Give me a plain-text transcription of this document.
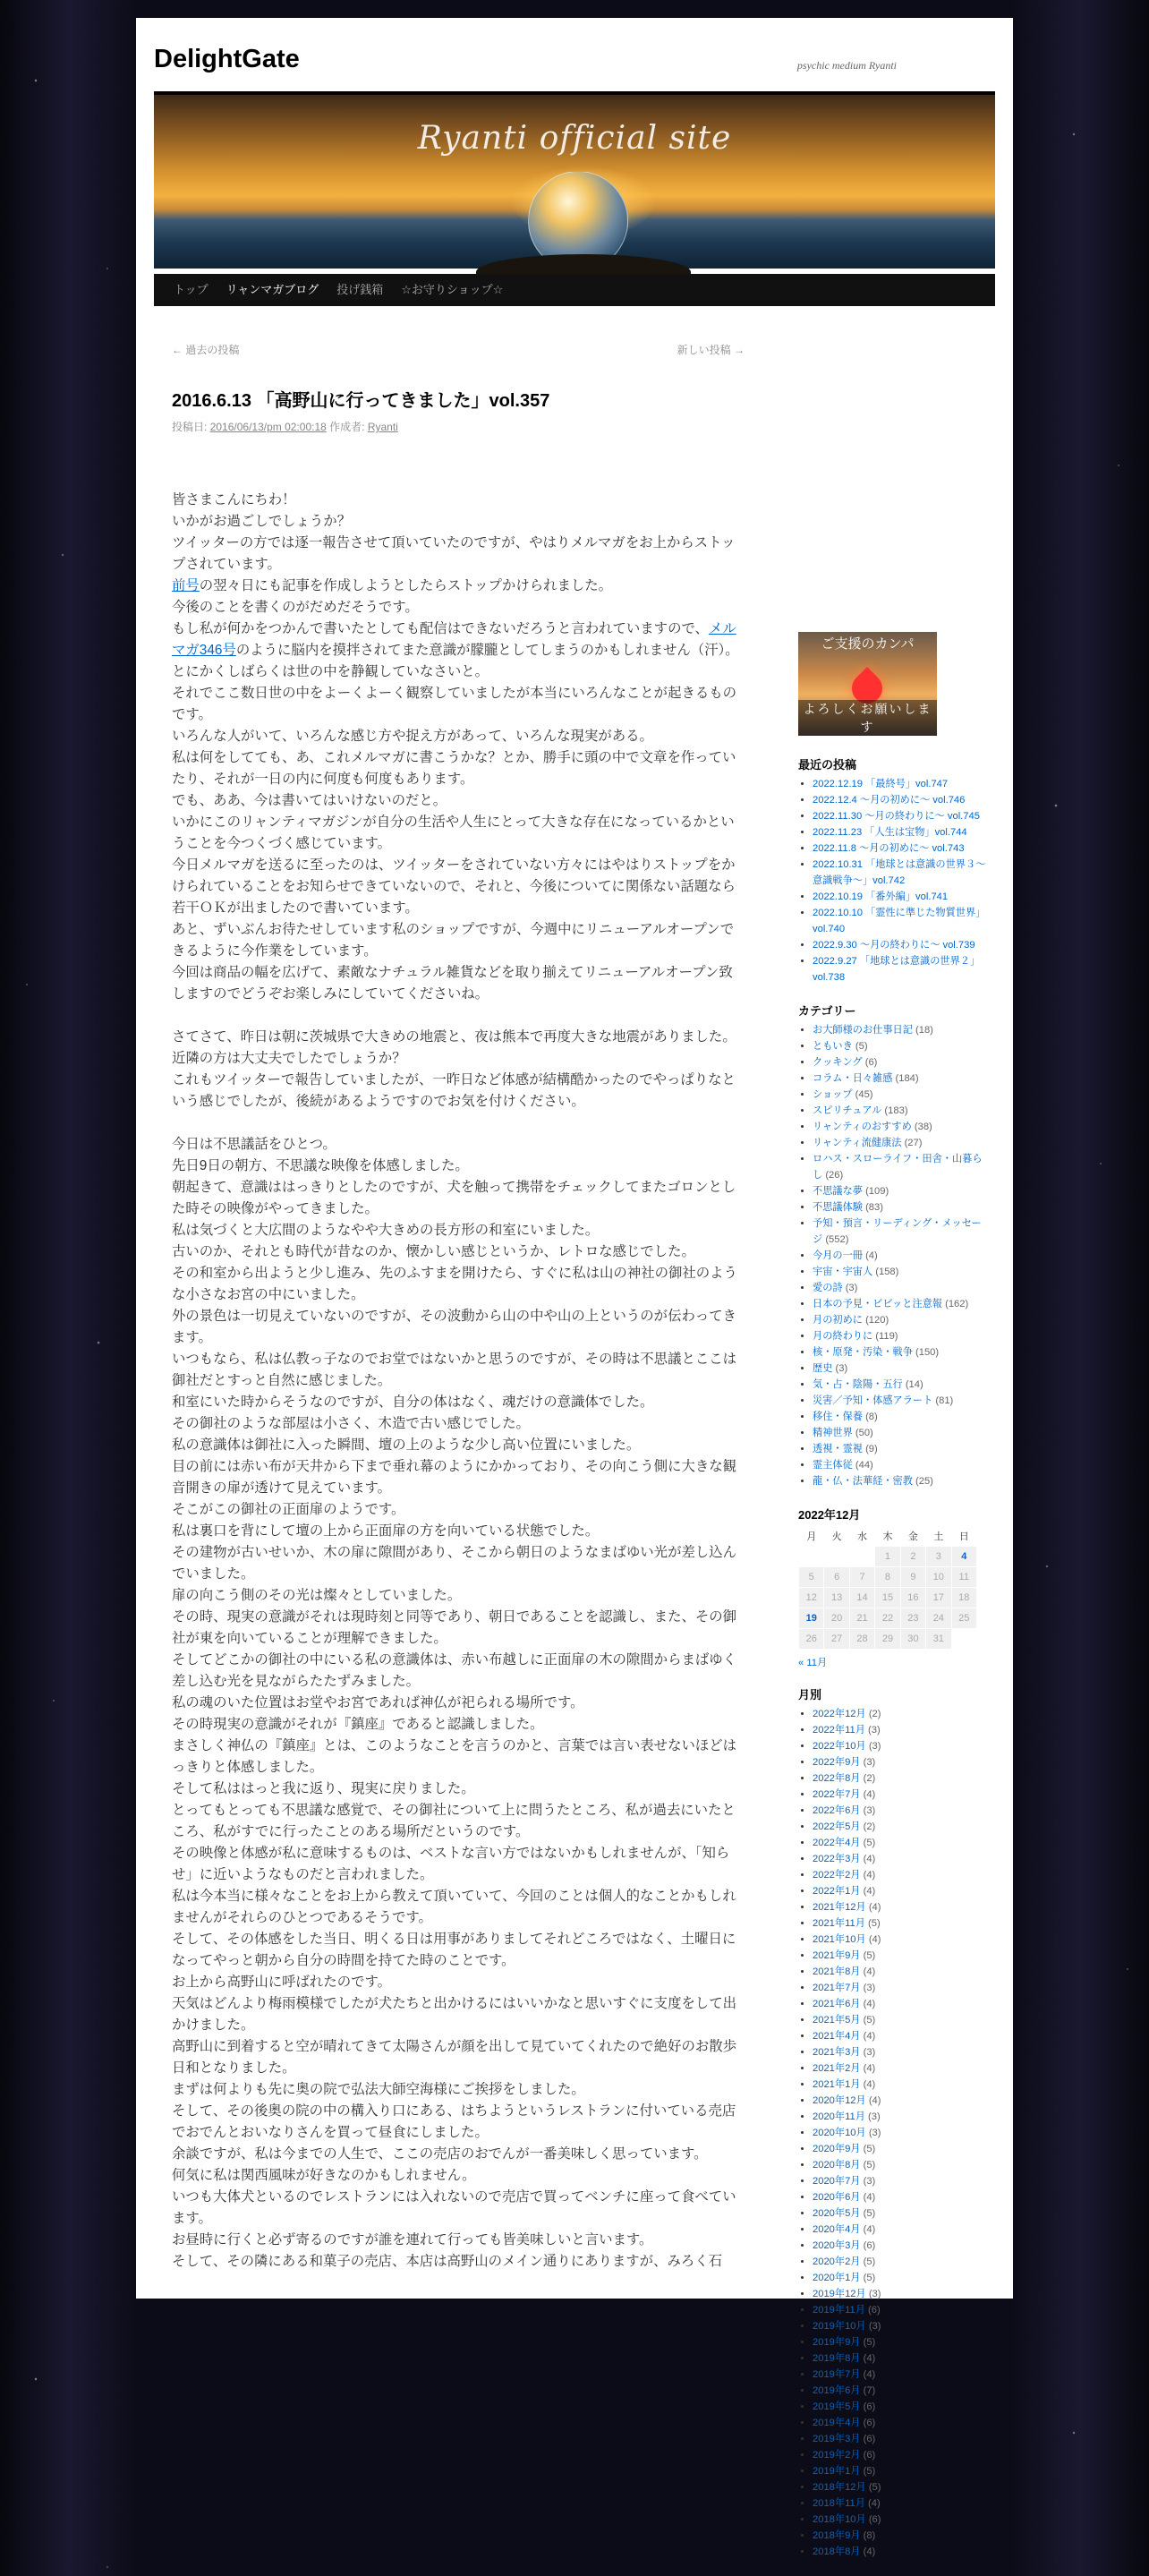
DelightGate	psychic medium Ryanti
Ryanti official site
トップ	リャンマガブログ	投げ銭箱	☆お守りショップ☆
← 過去の投稿	新しい投稿 →
2016.6.13 「高野山に行ってきました」vol.357
投稿日: 2016/06/13/pm 02:00:18 作成者: Ryanti

皆さまこんにちわ！

いかがお過ごしでしょうか？

ツイッターの方では逐一報告させて頂いていたのですが、やはりメルマガをお上からストップされています。

前号の翌々日にも記事を作成しようとしたらストップかけられました。

今後のことを書くのがだめだそうです。

もし私が何かをつかんで書いたとしても配信はできないだろうと言われていますので、メルマガ346号のように脳内を摸拌されてまた意識が朦朧としてしまうのかもしれません（汗）。

とにかくしばらくは世の中を静観していなさいと。

それでここ数日世の中をよーくよーく観察していましたが本当にいろんなことが起きるものです。

いろんな人がいて、いろんな感じ方や捉え方があって、いろんな現実がある。

私は何をしてても、あ、これメルマガに書こうかな？とか、勝手に頭の中で文章を作っていたり、それが一日の内に何度も何度もあります。

でも、ああ、今は書いてはいけないのだと。

いかにこのリャンティマガジンが自分の生活や人生にとって大きな存在になっているかということを今つくづく感じています。

今日メルマガを送るに至ったのは、ツイッターをされていない方々にはやはりストップをかけられていることをお知らせできていないので、それと、今後についてに関係ない話題なら若干ＯＫが出ましたので書いています。

あと、ずいぶんお待たせしています私のショップですが、今週中にリニューアルオープンできるように今作業をしています。

今回は商品の幅を広げて、素敵なナチュラル雑貨などを取り揃えてリニューアルオープン致しますのでどうぞお楽しみにしていてくださいね。

さてさて、昨日は朝に茨城県で大きめの地震と、夜は熊本で再度大きな地震がありました。

近隣の方は大丈夫でしたでしょうか？

これもツイッターで報告していましたが、一昨日など体感が結構酷かったのでやっぱりなという感じでしたが、後続があるようですのでお気を付けください。

今日は不思議話をひとつ。

先日9日の朝方、不思議な映像を体感しました。

朝起きて、意識ははっきりとしたのですが、犬を触って携帯をチェックしてまたゴロンとした時その映像がやってきました。

私は気づくと大広間のようなやや大きめの長方形の和室にいました。

古いのか、それとも時代が昔なのか、懐かしい感じというか、レトロな感じでした。

その和室から出ようと少し進み、先のふすまを開けたら、すぐに私は山の神社の御社のような小さなお宮の中にいました。

外の景色は一切見えていないのですが、その波動から山の中や山の上というのが伝わってきます。

いつもなら、私は仏教っ子なのでお堂ではないかと思うのですが、その時は不思議とここは御社だとすっと自然に感じました。

和室にいた時からそうなのですが、自分の体はなく、魂だけの意識体でした。

その御社のような部屋は小さく、木造で古い感じでした。

私の意識体は御社に入った瞬間、壇の上のような少し高い位置にいました。

目の前には赤い布が天井から下まで垂れ幕のようにかかっており、その向こう側に大きな観音開きの扉が透けて見えています。

そこがこの御社の正面扉のようです。

私は裏口を背にして壇の上から正面扉の方を向いている状態でした。

その建物が古いせいか、木の扉に隙間があり、そこから朝日のようなまばゆい光が差し込んでいました。

扉の向こう側のその光は燦々としていました。

その時、現実の意識がそれは現時刻と同等であり、朝日であることを認識し、また、その御社が東を向いていることが理解できました。

そしてどこかの御社の中にいる私の意識体は、赤い布越しに正面扉の木の隙間からまばゆく差し込む光を見ながらたたずみました。

私の魂のいた位置はお堂やお宮であれば神仏が祀られる場所です。

その時現実の意識がそれが『鎮座』であると認識しました。

まさしく神仏の『鎮座』とは、このようなことを言うのかと、言葉では言い表せないほどはっきりと体感しました。

そして私ははっと我に返り、現実に戻りました。

とってもとっても不思議な感覚で、その御社について上に問うたところ、私が過去にいたところ、私がすでに行ったことのある場所だというのです。

その映像と体感が私に意味するものは、ベストな言い方ではないかもしれませんが、「知らせ」に近いようなものだと言われました。

私は今本当に様々なことをお上から教えて頂いていて、今回のことは個人的なことかもしれませんがそれらのひとつであるそうです。

そして、その体感をした当日、明くる日は用事がありましてそれどころではなく、土曜日になってやっと朝から自分の時間を持てた時のことです。

お上から高野山に呼ばれたのです。

天気はどんより梅雨模様でしたが犬たちと出かけるにはいいかなと思いすぐに支度をして出かけました。

高野山に到着すると空が晴れてきて太陽さんが顔を出して見ていてくれたので絶好のお散歩日和となりました。

まずは何よりも先に奥の院で弘法大師空海様にご挨拶をしました。

そして、その後奥の院の中の構入り口にある、はちようというレストランに付いている売店でおでんとおいなりさんを買って昼食にしました。

余談ですが、私は今までの人生で、ここの売店のおでんが一番美味しく思っています。

何気に私は関西風味が好きなのかもしれません。

いつも大体犬といるのでレストランには入れないので売店で買ってベンチに座って食べています。

お昼時に行くと必ず寄るのですが誰を連れて行っても皆美味しいと言います。

そして、その隣にある和菓子の売店、本店は高野山のメイン通りにありますが、みろく石

ご支援のカンパ
よろしくお願いします
最近の投稿
• 2022.12.19 「最終号」vol.747
• 2022.12.4 ～月の初めに～ vol.746
• 2022.11.30 ～月の終わりに～ vol.745
• 2022.11.23 「人生は宝物」vol.744
• 2022.11.8 ～月の初めに～ vol.743
• 2022.10.31 「地球とは意識の世界３～意識戦争～」vol.742
• 2022.10.19 「番外編」vol.741
• 2022.10.10 「霊性に準じた物質世界」vol.740
• 2022.9.30 ～月の終わりに～ vol.739
• 2022.9.27 「地球とは意識の世界２」 vol.738
カテゴリー
• お大師様のお仕事日記 (18)
• ともいき (5)
• クッキング (6)
• コラム・日々雑感 (184)
• ショップ (45)
• スピリチュアル (183)
• リャンティのおすすめ (38)
• リャンティ流健康法 (27)
• ロハス・スローライフ・田舎・山暮らし (26)
• 不思議な夢 (109)
• 不思議体験 (83)
• 予知・預言・リーディング・メッセージ (552)
• 今月の一冊 (4)
• 宇宙・宇宙人 (158)
• 愛の詩 (3)
• 日本の予見・ビビッと注意報 (162)
• 月の初めに (120)
• 月の終わりに (119)
• 核・原発・汚染・戦争 (150)
• 歴史 (3)
• 気・占・陰陽・五行 (14)
• 災害／予知・体感アラート (81)
• 移住・保養 (8)
• 精神世界 (50)
• 透視・霊視 (9)
• 霊主体従 (44)
• 龍・仏・法華経・密教 (25)
2022年12月
月	火	水	木	金	土	日
			1	2	3	4
5	6	7	8	9	10	11
12	13	14	15	16	17	18
19	20	21	22	23	24	25
26	27	28	29	30	31	
« 11月
月別
• 2022年12月 (2)
• 2022年11月 (3)
• 2022年10月 (3)
• 2022年9月 (3)
• 2022年8月 (2)
• 2022年7月 (4)
• 2022年6月 (3)
• 2022年5月 (2)
• 2022年4月 (5)
• 2022年3月 (4)
• 2022年2月 (4)
• 2022年1月 (4)
• 2021年12月 (4)
• 2021年11月 (5)
• 2021年10月 (4)
• 2021年9月 (5)
• 2021年8月 (4)
• 2021年7月 (3)
• 2021年6月 (4)
• 2021年5月 (5)
• 2021年4月 (4)
• 2021年3月 (3)
• 2021年2月 (4)
• 2021年1月 (4)
• 2020年12月 (4)
• 2020年11月 (3)
• 2020年10月 (3)
• 2020年9月 (5)
• 2020年8月 (5)
• 2020年7月 (3)
• 2020年6月 (4)
• 2020年5月 (5)
• 2020年4月 (4)
• 2020年3月 (6)
• 2020年2月 (5)
• 2020年1月 (5)
• 2019年12月 (3)
• 2019年11月 (6)
• 2019年10月 (3)
• 2019年9月 (5)
• 2019年8月 (4)
• 2019年7月 (4)
• 2019年6月 (7)
• 2019年5月 (6)
• 2019年4月 (6)
• 2019年3月 (6)
• 2019年2月 (6)
• 2019年1月 (5)
• 2018年12月 (5)
• 2018年11月 (4)
• 2018年10月 (6)
• 2018年9月 (8)
• 2018年8月 (4)
